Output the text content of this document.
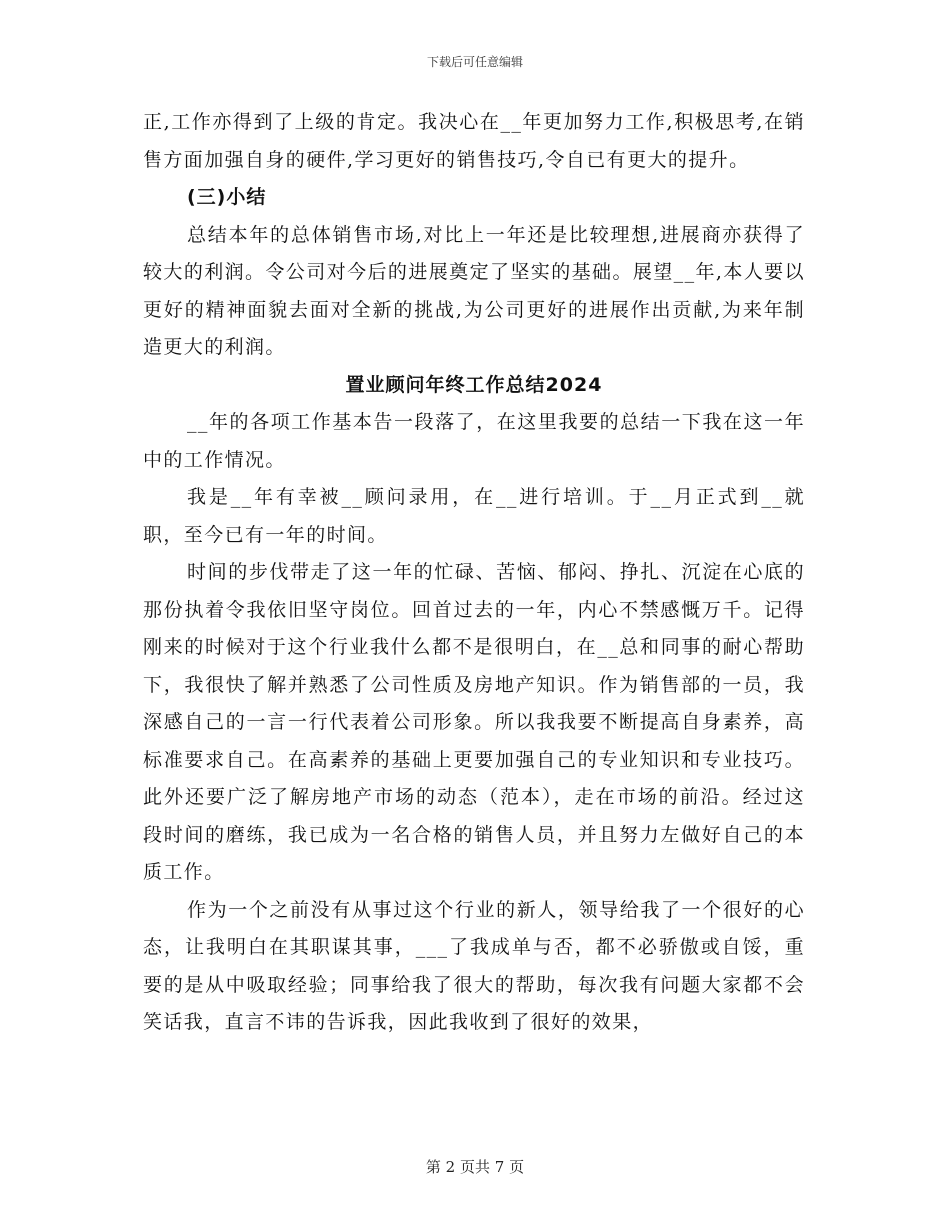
下载后可任意编辑

正,工作亦得到了上级的肯定。我决心在__年更加努力工作,积极思考,在销售方面加强自身的硬件,学习更好的销售技巧,令自已有更大的提升。

(三)小结

总结本年的总体销售市场,对比上一年还是比较理想,进展商亦获得了较大的利润。令公司对今后的进展奠定了坚实的基础。展望__年,本人要以更好的精神面貌去面对全新的挑战,为公司更好的进展作出贡献,为来年制造更大的利润。

置业顾问年终工作总结2024

__年的各项工作基本告一段落了，在这里我要的总结一下我在这一年中的工作情况。

我是__年有幸被__顾问录用，在__进行培训。于__月正式到__就职，至今已有一年的时间。

时间的步伐带走了这一年的忙碌、苦恼、郁闷、挣扎、沉淀在心底的那份执着令我依旧坚守岗位。回首过去的一年，内心不禁感慨万千。记得刚来的时候对于这个行业我什么都不是很明白，在__总和同事的耐心帮助下，我很快了解并熟悉了公司性质及房地产知识。作为销售部的一员，我深感自己的一言一行代表着公司形象。所以我我要不断提高自身素养，高标准要求自己。在高素养的基础上更要加强自己的专业知识和专业技巧。此外还要广泛了解房地产市场的动态（范本），走在市场的前沿。经过这段时间的磨练，我已成为一名合格的销售人员，并且努力左做好自己的本质工作。

作为一个之前没有从事过这个行业的新人，领导给我了一个很好的心态，让我明白在其职谋其事，___了我成单与否，都不必骄傲或自馁，重要的是从中吸取经验；同事给我了很大的帮助，每次我有问题大家都不会笑话我，直言不讳的告诉我，因此我收到了很好的效果，

第 2 页共 7 页
